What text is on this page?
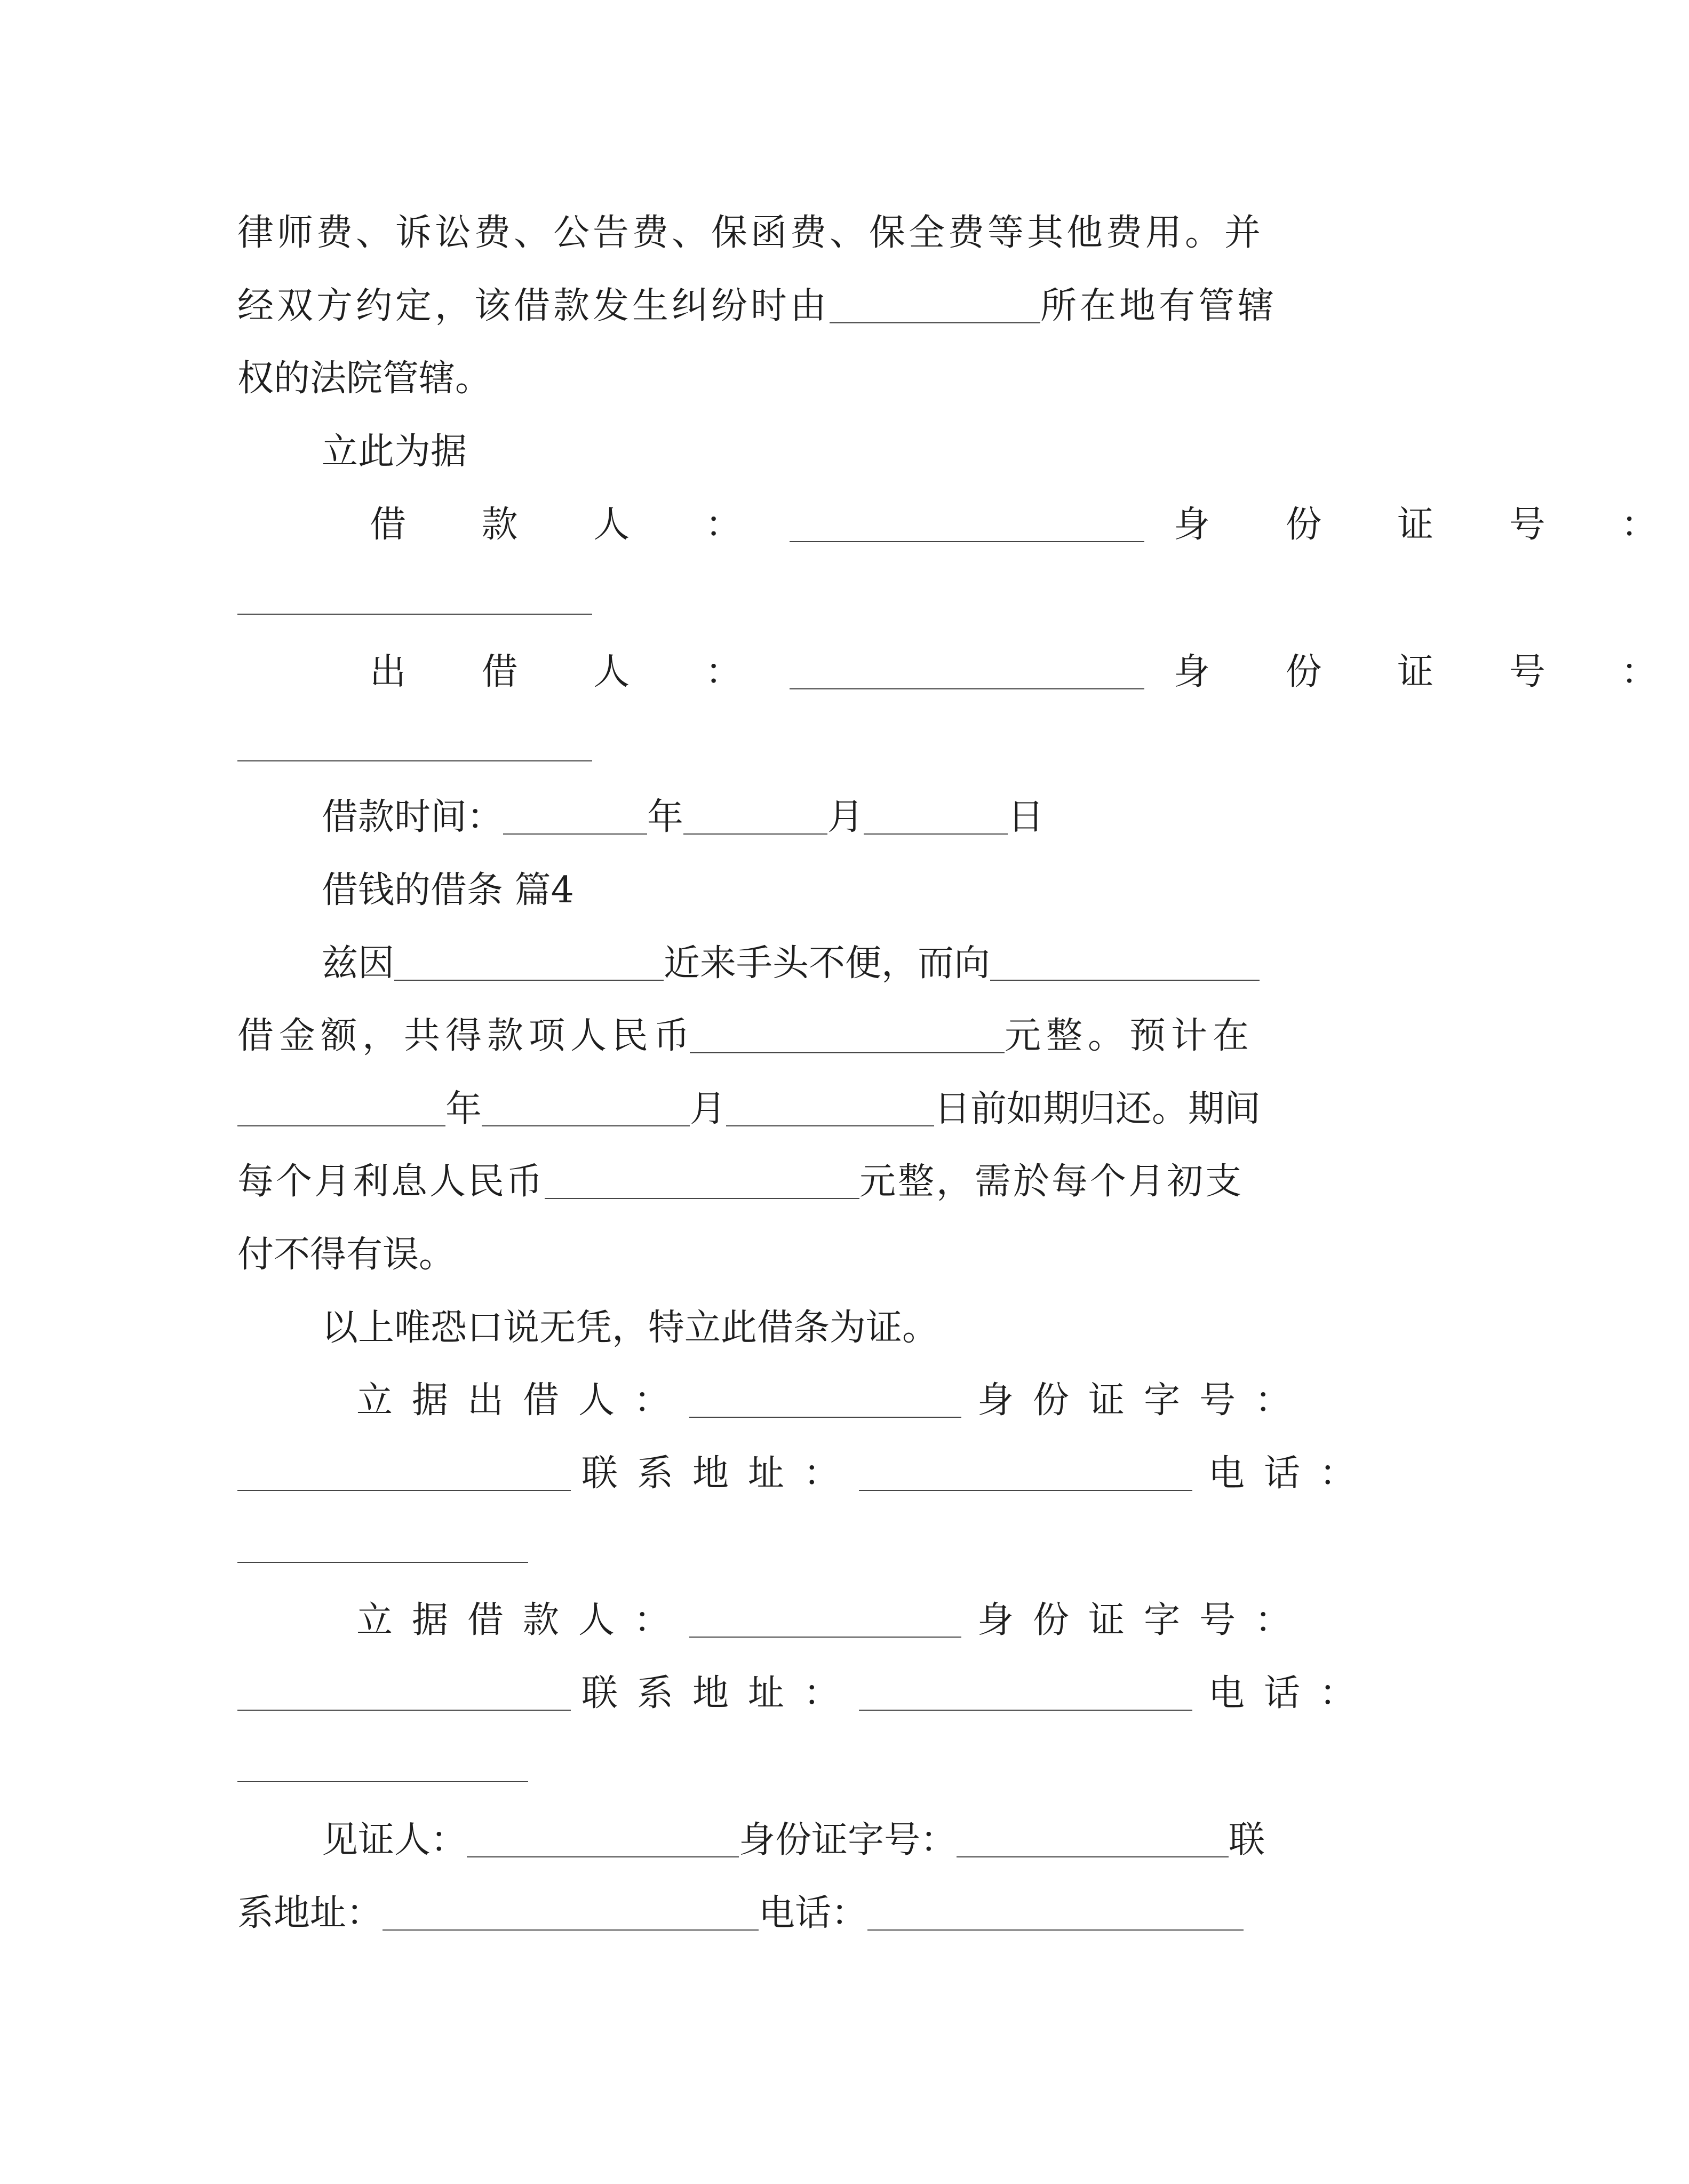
律师费、诉讼费、公告费、保函费、保全费等其他费用。并
经双方约定，该借款发生纠纷时由	所在地有管辖
权的法院管辖。
立此为据
借 款 人 ：	身 份 证 号 ：
出 借 人 ：	身 份 证 号 ：
借款时间：	年	月	日
借钱的借条 篇4
兹因	近来手头不便，而向
借金额，共得款项人民币	元整。预计在
年	月	日前如期归还。期间
每个月利息人民币	元整，需於每个月初支
付不得有误。
以上唯恐口说无凭，特立此借条为证。
立据出借人：	身份证字号：
联系地址：	电话：
立据借款人：	身份证字号：
联系地址：	电话：
见证人：	身份证字号：	联
系地址：	电话：
